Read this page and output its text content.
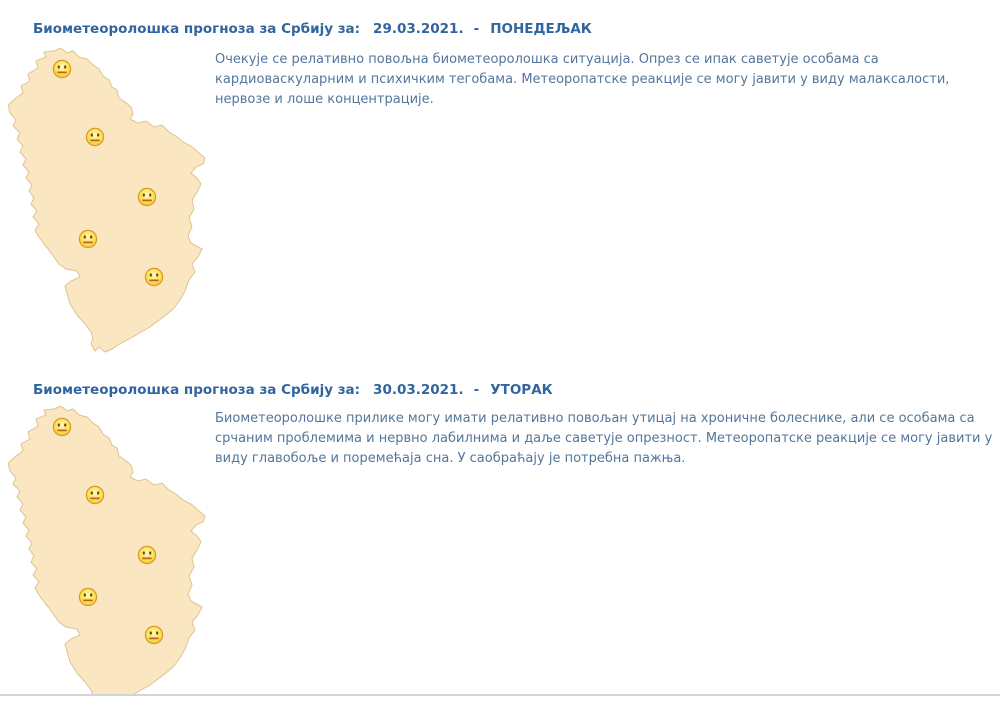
Биометеоролошка прогноза за Србију за: 29.03.2021. - ПОНЕДЕЉАК
Очекује се релативно повољна биометеоролошка ситуација. Опрез се ипак саветује особама са кардиоваскуларним и психичким тегобама. Метеоропатске реакције се могу јавити у виду малаксалости, нервозе и лоше концентрације.
Биометеоролошка прогноза за Србију за: 30.03.2021. - УТОРАК
Биометеоролошке прилике могу имати релативно повољан утицај на хроничне болеснике, али се особама са срчаним проблемима и нервно лабилнима и даље саветује опрезност. Метеоропатске реакције се могу јавити у виду главобоље и поремећаја сна. У саобраћају је потребна пажња.
